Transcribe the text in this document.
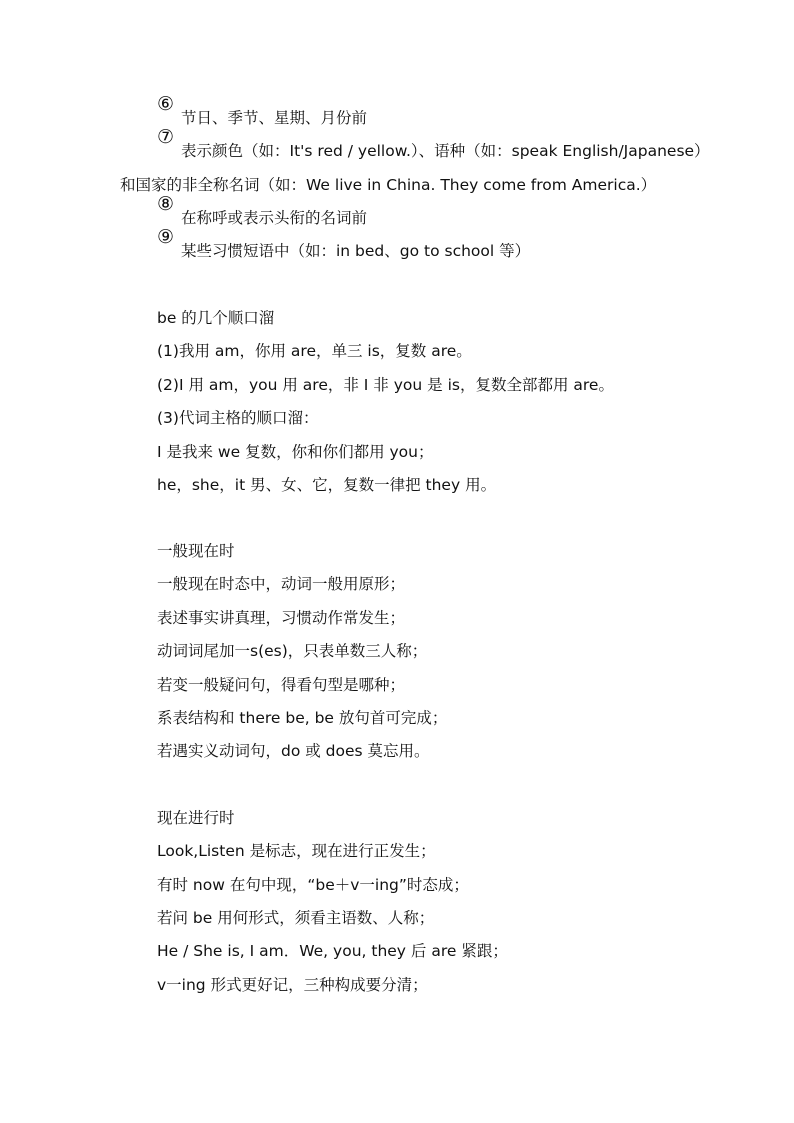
⑥
节日、季节、星期、月份前
⑦
表示颜色（如：It's red / yellow.）、语种（如：speak English/Japanese）
和国家的非全称名词（如：We live in China. They come from America.）
⑧
在称呼或表示头衔的名词前
⑨
某些习惯短语中（如：in bed、go to school 等）
be 的几个顺口溜
(1)我用 am，你用 are，单三 is，复数 are。
(2)I 用 am，you 用 are，非 I 非 you 是 is，复数全部都用 are。
(3)代词主格的顺口溜：
I 是我来 we 复数，你和你们都用 you；
he，she，it 男、女、它，复数一律把 they 用。
一般现在时
一般现在时态中，动词一般用原形；
表述事实讲真理，习惯动作常发生；
动词词尾加一s(es)，只表单数三人称；
若变一般疑问句，得看句型是哪种；
系表结构和 there be, be 放句首可完成；
若遇实义动词句，do 或 does 莫忘用。
现在进行时
Look,Listen 是标志，现在进行正发生；
有时 now 在句中现，“be＋v一ing”时态成；
若问 be 用何形式，须看主语数、人称；
He / She is, I am．We, you, they 后 are 紧跟；
v一ing 形式更好记，三种构成要分清；
